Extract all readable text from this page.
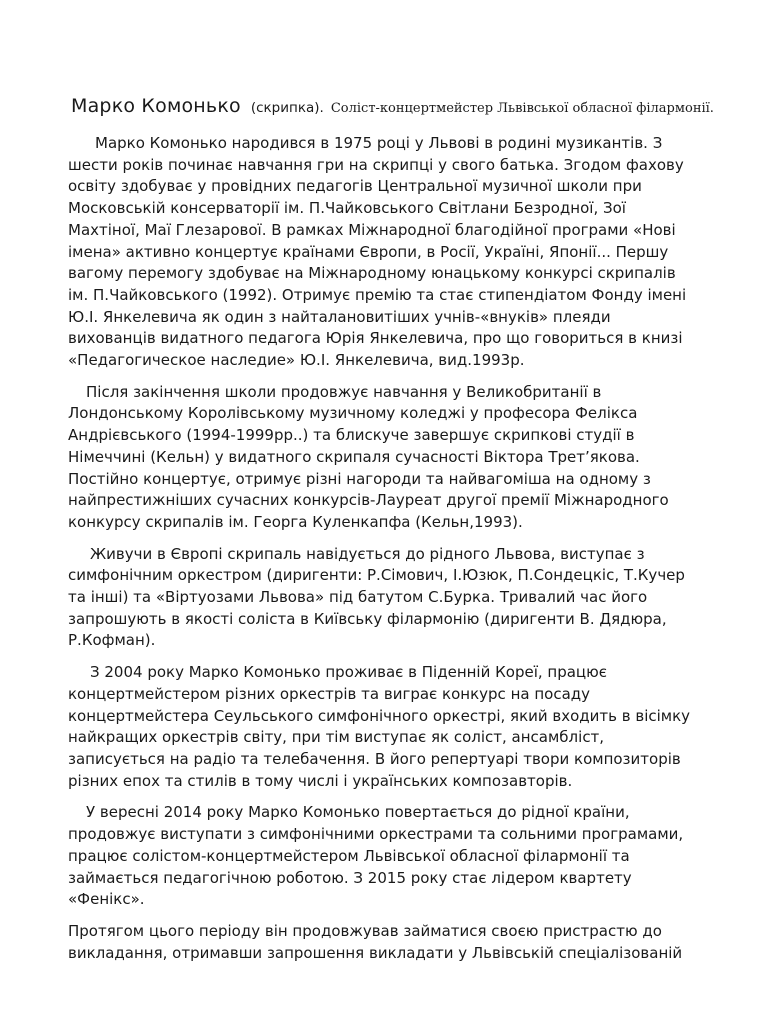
Марко Комонько (скрипка). Соліст-концертмейстер Львівської обласної філармонії.

Марко Комонько народився в 1975 році у Львові в родині музикантів. З шести років починає навчання гри на скрипці у свого батька. Згодом фахову освіту здобуває у провідних педагогів Центральної музичної школи при Московській консерваторії ім. П.Чайковського Світлани Безродної, Зої Махтіної, Маї Глезарової. В рамках Міжнародної благодійної програми «Нові імена» активно концертує країнами Європи, в Росії, Україні, Японії... Першу вагому перемогу здобуває на Міжнародному юнацькому конкурсі скрипалів ім. П.Чайковського (1992). Отримує премію та стає стипендіатом Фонду імені Ю.І. Янкелевича як один з найталановитіших учнів-«внуків» плеяди вихованців видатного педагога Юрія Янкелевича, про що говориться в книзі «Педагогическое наследие» Ю.І. Янкелевича, вид.1993р.

Після закінчення школи продовжує навчання у Великобританії в Лондонському Королівському музичному коледжі у професора Фелікса Андрієвського (1994-1999рр..) та блискуче завершує скрипкові студії в Німеччині (Кельн) у видатного скрипаля сучасності Віктора Трет’якова. Постійно концертує, отримує різні нагороди та найвагоміша на одному з найпрестижніших сучасних конкурсів-Лауреат другої премії Міжнародного конкурсу скрипалів ім. Георга Куленкапфа (Кельн,1993).

Живучи в Європі скрипаль навідується до рідного Львова, виступає з симфонічним оркестром (диригенти: Р.Сімович, І.Юзюк, П.Сондецкіс, Т.Кучер та інші) та «Віртуозами Львова» під батутом С.Бурка. Тривалий час його запрошують в якості соліста в Київську філармонію (диригенти В. Дядюра, Р.Кофман).

З 2004 року Марко Комонько проживає в Піденній Кореї, працює концертмейстером різних оркестрів та виграє конкурс на посаду концертмейстера Сеульського симфонічного оркестрі, який входить в вісімку найкращих оркестрів світу, при тім виступає як соліст, ансамбліст, записується на радіо та телебачення. В його репертуарі твори композиторів різних епох та стилів в тому числі і українських композавторів.

У вересні 2014 року Марко Комонько повертається до рідної країни, продовжує виступати з симфонічними оркестрами та сольними програмами, працює солістом-концертмейстером Львівської обласної філармонії та займається педагогічною роботою. З 2015 року стає лідером квартету «Фенікс».

Протягом цього періоду він продовжував займатися своєю пристрастю до викладання, отримавши запрошення викладати у Львівській спеціалізованій
